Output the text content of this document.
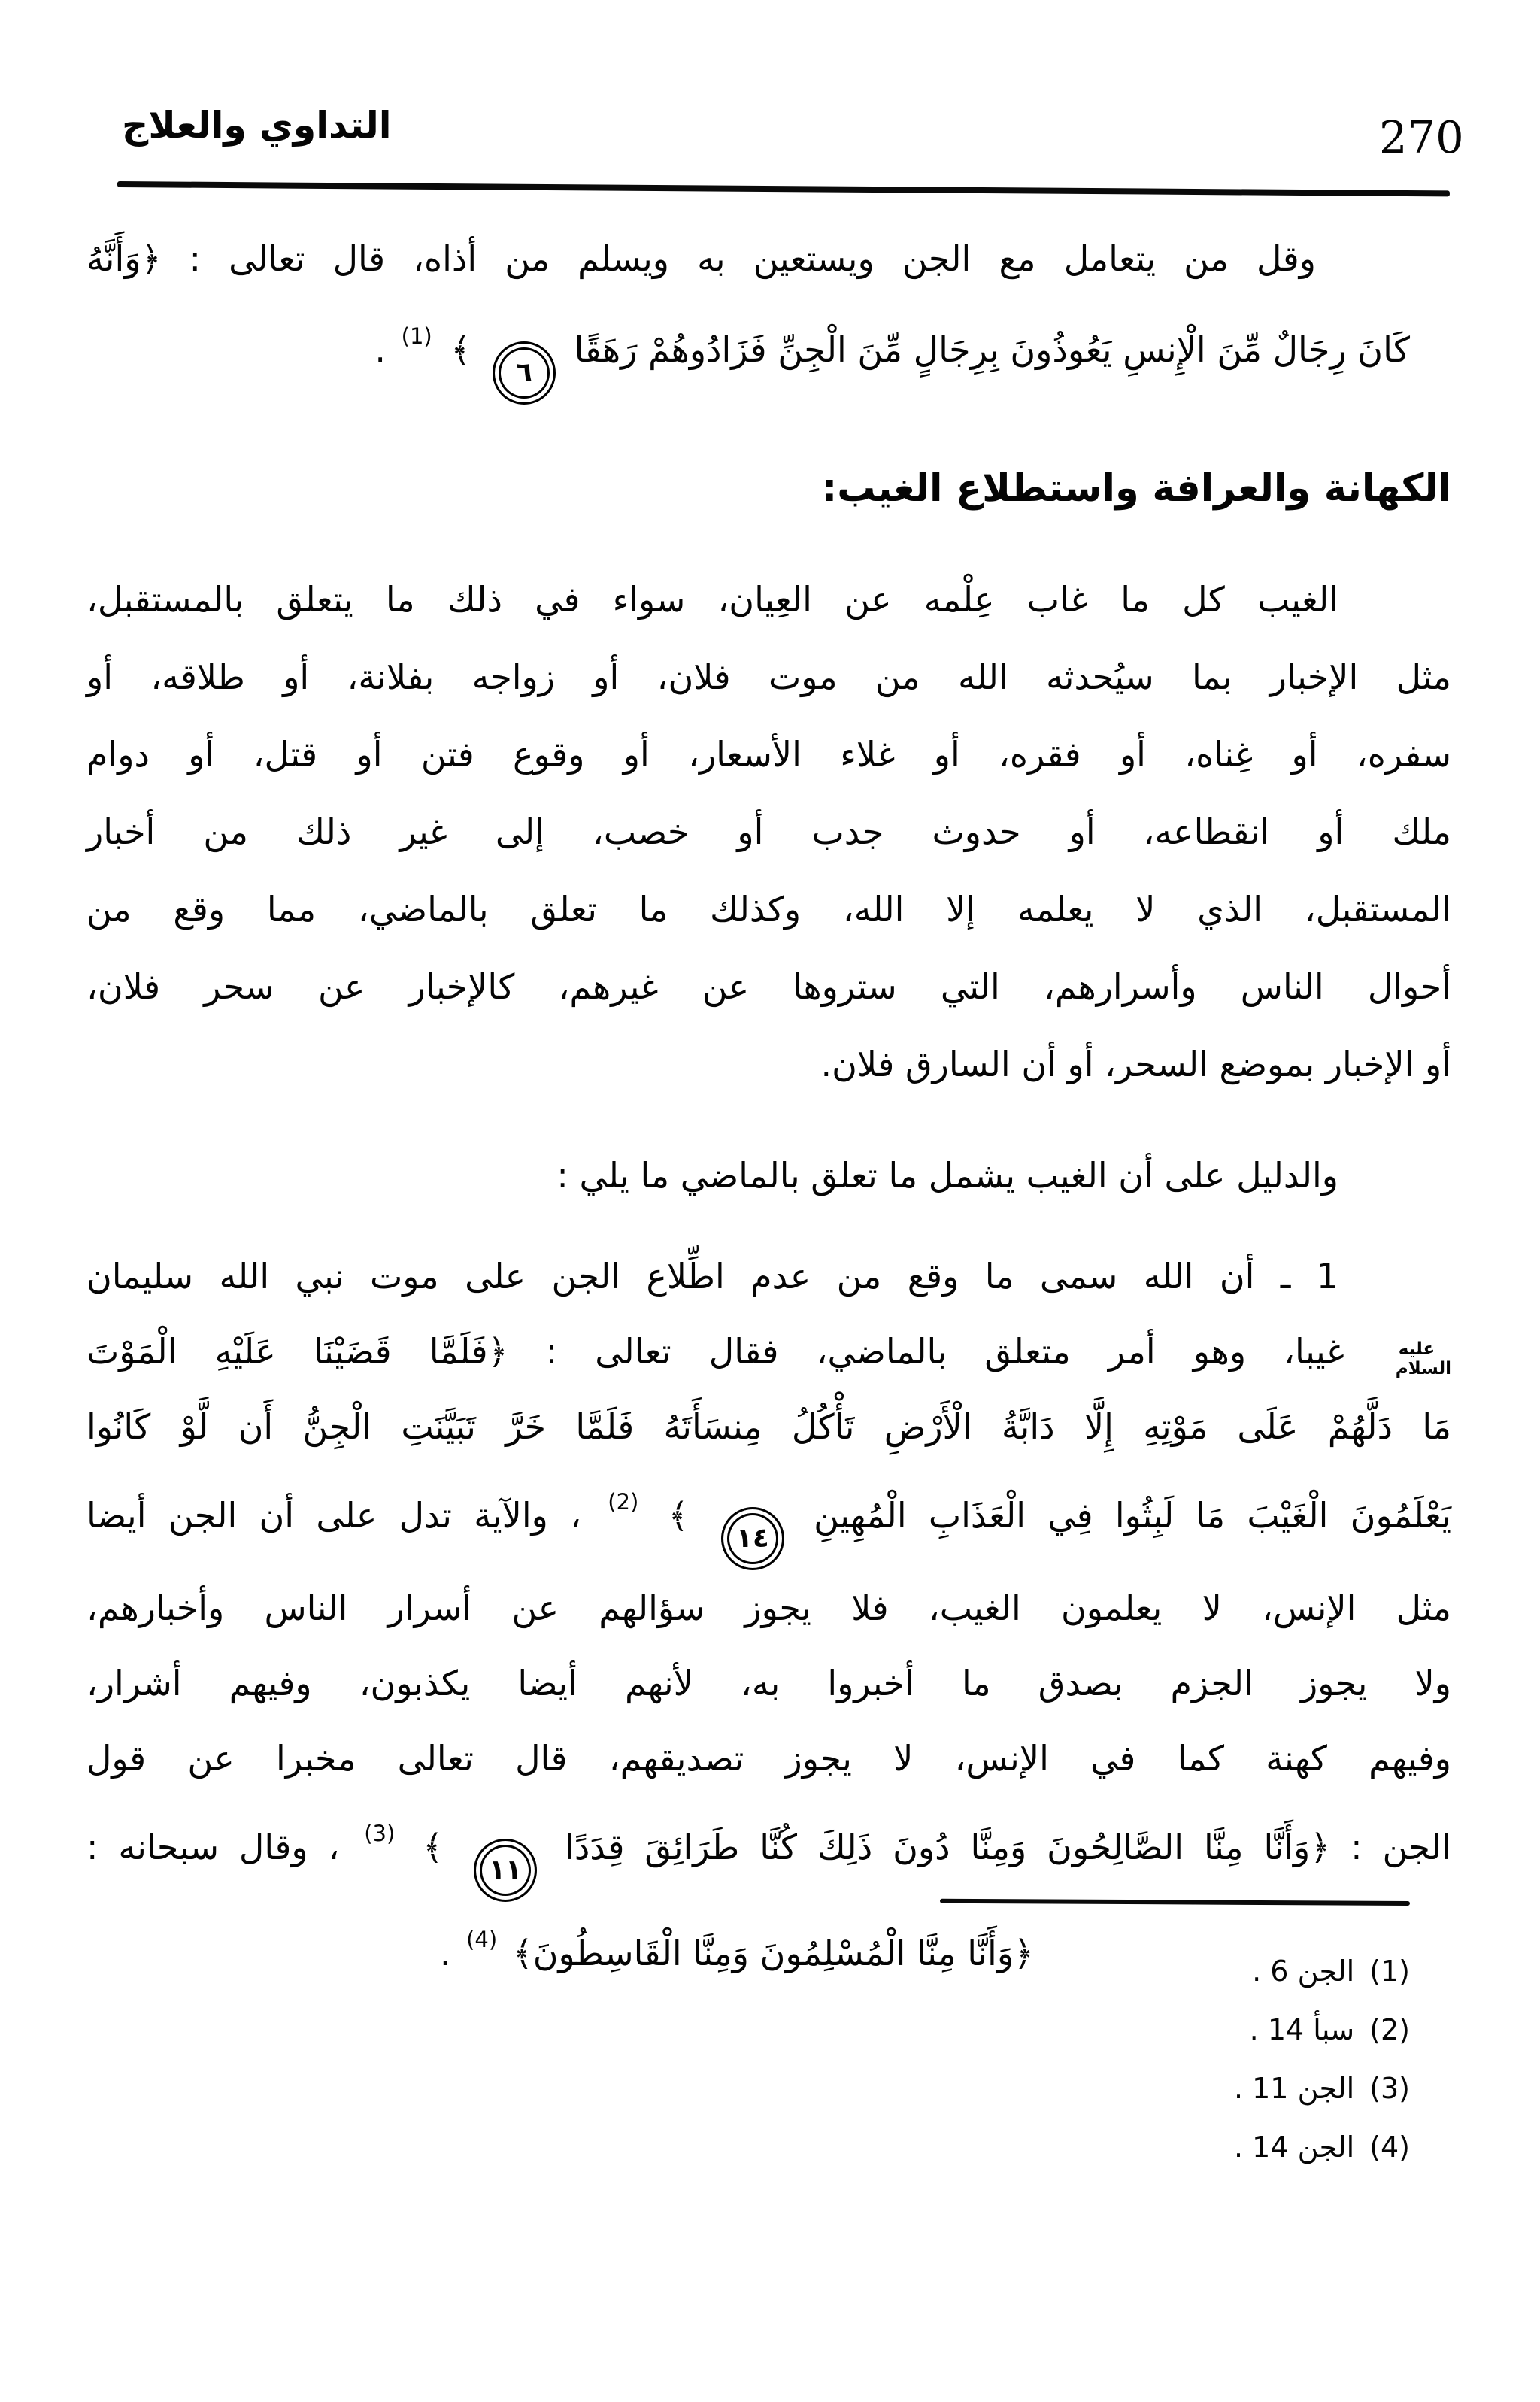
التداوي والعلاج	270
وقل من يتعامل مع الجن ويستعين به ويسلم من أذاه، قال تعالى : ﴿وَأَنَّهُ
كَانَ رِجَالٌ مِّنَ الْإِنسِ يَعُوذُونَ بِرِجَالٍ مِّنَ الْجِنِّ فَزَادُوهُمْ رَهَقًا
٦
﴾ (1) .
الكهانة والعرافة واستطلاع الغيب:
الغيب كل ما غاب عِلْمه عن العِيان، سواء في ذلك ما يتعلق بالمستقبل،
مثل الإخبار بما سيُحدثه الله من موت فلان، أو زواجه بفلانة، أو طلاقه، أو
سفره، أو غِناه، أو فقره، أو غلاء الأسعار، أو وقوع فتن أو قتل، أو دوام
ملك أو انقطاعه، أو حدوث جدب أو خصب، إلى غير ذلك من أخبار
المستقبل، الذي لا يعلمه إلا الله، وكذلك ما تعلق بالماضي، مما وقع من
أحوال الناس وأسرارهم، التي ستروها عن غيرهم، كالإخبار عن سحر فلان،
أو الإخبار بموضع السحر، أو أن السارق فلان.
والدليل على أن الغيب يشمل ما تعلق بالماضي ما يلي :
1 ـ أن الله سمى ما وقع من عدم اطِّلاع الجن على موت نبي الله سليمان
عليه السلام غيبا، وهو أمر متعلق بالماضي، فقال تعالى : ﴿فَلَمَّا قَضَيْنَا عَلَيْهِ الْمَوْتَ
مَا دَلَّهُمْ عَلَى مَوْتِهِ إِلَّا دَابَّةُ الْأَرْضِ تَأْكُلُ مِنسَأَتَهُ فَلَمَّا خَرَّ تَبَيَّنَتِ الْجِنُّ أَن لَّوْ كَانُوا
يَعْلَمُونَ الْغَيْبَ مَا لَبِثُوا فِي الْعَذَابِ الْمُهِينِ
١٤
﴾ (2) ، والآية تدل على أن الجن أيضا
مثل الإنس، لا يعلمون الغيب، فلا يجوز سؤالهم عن أسرار الناس وأخبارهم،
ولا يجوز الجزم بصدق ما أخبروا به، لأنهم أيضا يكذبون، وفيهم أشرار،
وفيهم كهنة كما في الإنس، لا يجوز تصديقهم، قال تعالى مخبرا عن قول
الجن : ﴿وَأَنَّا مِنَّا الصَّالِحُونَ وَمِنَّا دُونَ ذَلِكَ كُنَّا طَرَائِقَ قِدَدًا
١١
﴾ (3) ، وقال سبحانه :
﴿وَأَنَّا مِنَّا الْمُسْلِمُونَ وَمِنَّا الْقَاسِطُونَ﴾ (4) .	(1)الجن 6 .
(2)سبأ 14 .
(3)الجن 11 .
(4)الجن 14 .
